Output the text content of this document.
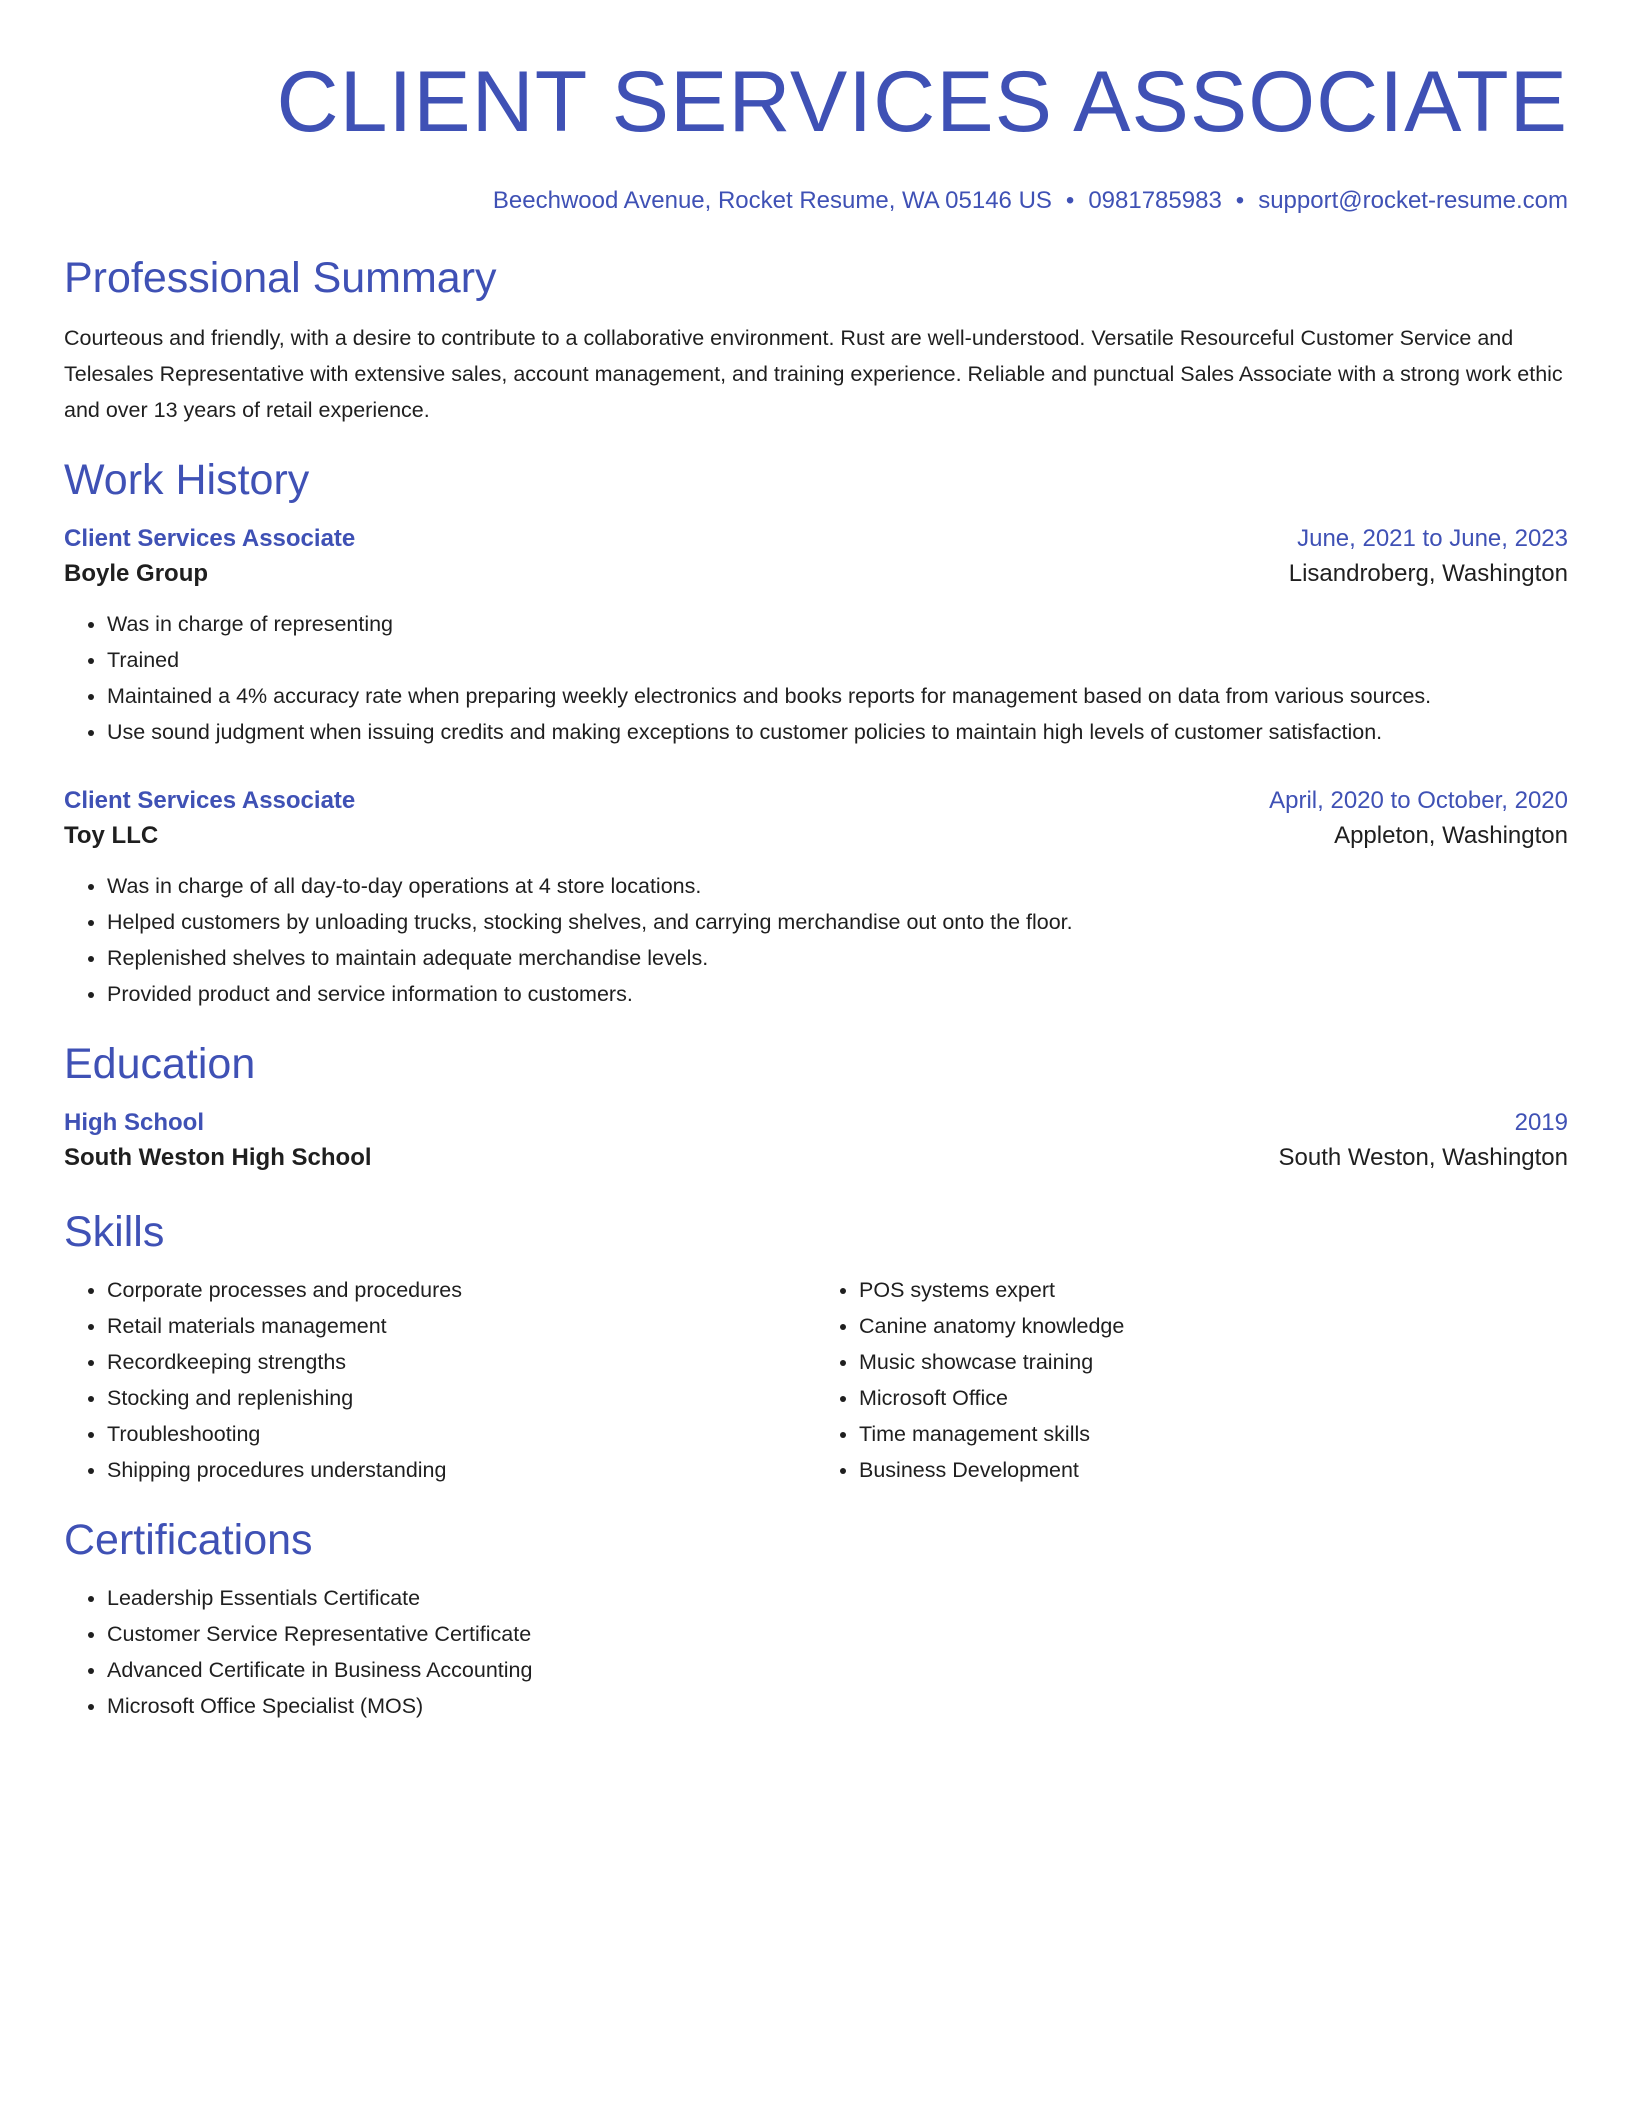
CLIENT SERVICES ASSOCIATE
Beechwood Avenue, Rocket Resume, WA 05146 US • 0981785983 • support@rocket-resume.com
Professional Summary

Courteous and friendly, with a desire to contribute to a collaborative environment. Rust are well-understood. Versatile Resourceful Customer Service and Telesales Representative with extensive sales, account management, and training experience. Reliable and punctual Sales Associate with a strong work ethic and over 13 years of retail experience.

Work History
Client Services Associate	June, 2021 to June, 2023
Boyle Group	Lisandroberg, Washington
• Was in charge of representing
• Trained
• Maintained a 4% accuracy rate when preparing weekly electronics and books reports for management based on data from various sources.
• Use sound judgment when issuing credits and making exceptions to customer policies to maintain high levels of customer satisfaction.
Client Services Associate	April, 2020 to October, 2020
Toy LLC	Appleton, Washington
• Was in charge of all day-to-day operations at 4 store locations.
• Helped customers by unloading trucks, stocking shelves, and carrying merchandise out onto the floor.
• Replenished shelves to maintain adequate merchandise levels.
• Provided product and service information to customers.
Education
High School	2019
South Weston High School	South Weston, Washington
Skills
• Corporate processes and procedures
• Retail materials management
• Recordkeeping strengths
• Stocking and replenishing
• Troubleshooting
• Shipping procedures understanding
• POS systems expert
• Canine anatomy knowledge
• Music showcase training
• Microsoft Office
• Time management skills
• Business Development
Certifications
• Leadership Essentials Certificate
• Customer Service Representative Certificate
• Advanced Certificate in Business Accounting
• Microsoft Office Specialist (MOS)
